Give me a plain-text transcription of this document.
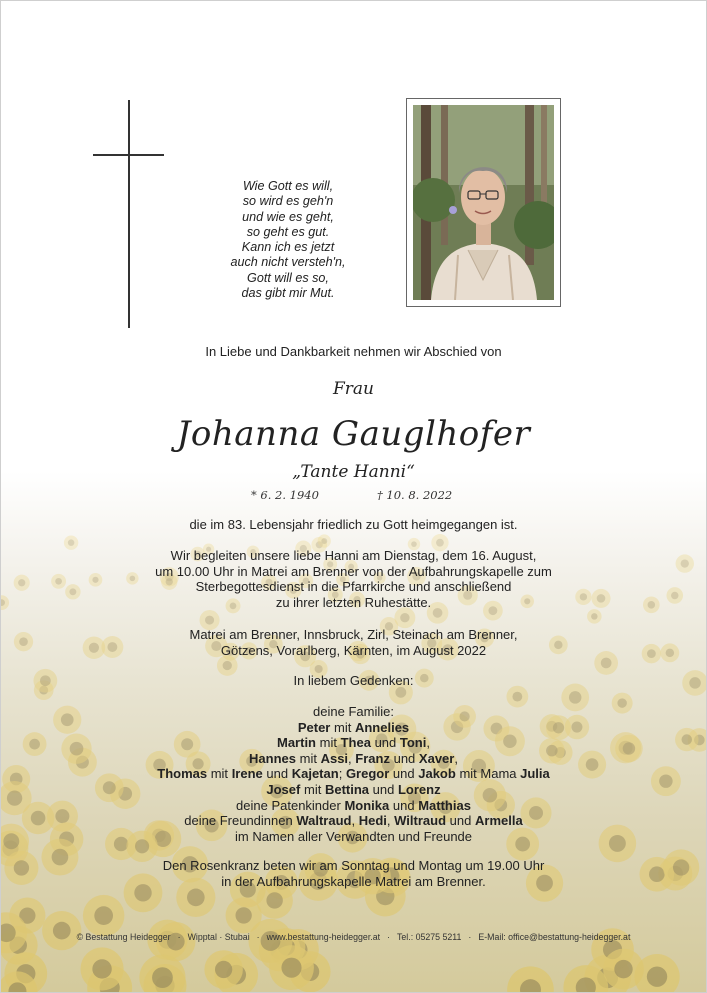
Wie Gott es will,
so wird es geh'n
und wie es geht,
so geht es gut.
Kann ich es jetzt
auch nicht versteh'n,
Gott will es so,
das gibt mir Mut.
In Liebe und Dankbarkeit nehmen wir Abschied von
Frau
Johanna Gauglhofer
„Tante Hanni“
* 6. 2. 1940	† 10. 8. 2022
die im 83. Lebensjahr friedlich zu Gott heimgegangen ist.
Wir begleiten unsere liebe Hanni am Dienstag, dem 16. August,
um 10.00 Uhr in Matrei am Brenner von der Aufbahrungskapelle zum
Sterbegottesdienst in die Pfarrkirche und anschließend
zu ihrer letzten Ruhestätte.
Matrei am Brenner, Innsbruck, Zirl, Steinach am Brenner,
Götzens, Vorarlberg, Kärnten, im August 2022
In liebem Gedenken:
deine Familie:
Peter mit Annelies
Martin mit Thea und Toni,
Hannes mit Assi, Franz und Xaver,
Thomas mit Irene und Kajetan; Gregor und Jakob mit Mama Julia
Josef mit Bettina und Lorenz
deine Patenkinder Monika und Matthias
deine Freundinnen Waltraud, Hedi, Wiltraud und Armella
im Namen aller Verwandten und Freunde
Den Rosenkranz beten wir am Sonntag und Montag um 19.00 Uhr
in der Aufbahrungskapelle Matrei am Brenner.
© Bestattung Heidegger · Wipptal · Stubai · www.bestattung-heidegger.at · Tel.: 05275 5211 · E-Mail: office@bestattung-heidegger.at
